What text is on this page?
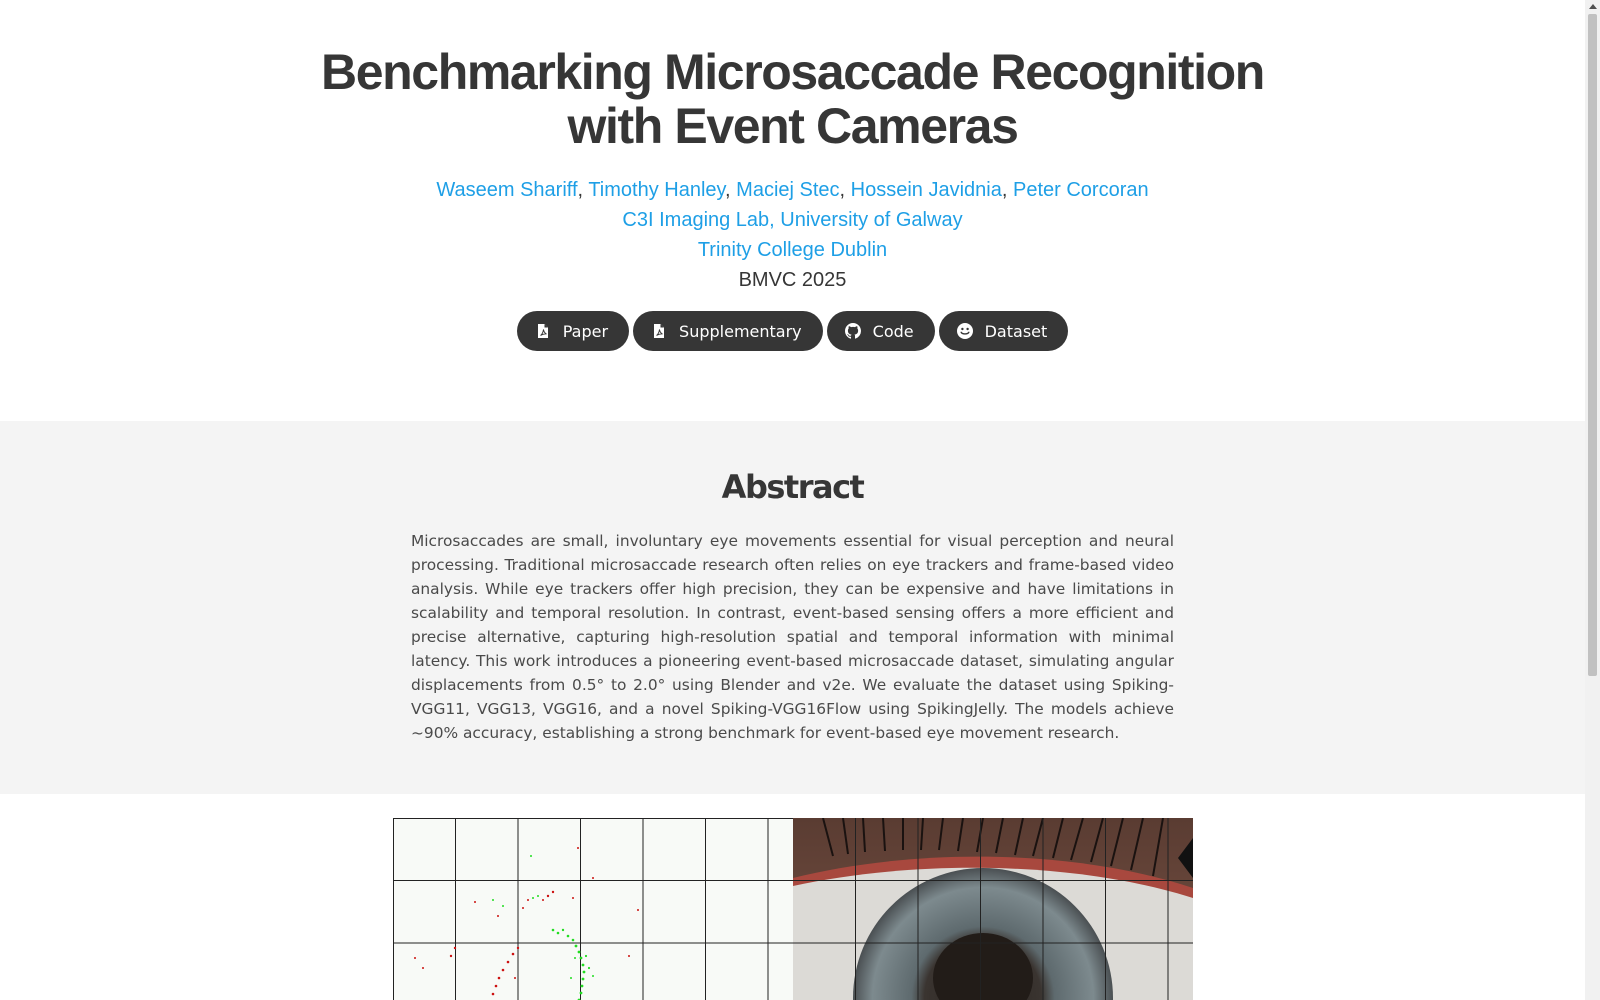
Benchmarking Microsaccade Recognition
with Event Cameras
Waseem Shariff, Timothy Hanley, Maciej Stec, Hossein Javidnia, Peter Corcoran
C3I Imaging Lab, University of Galway
Trinity College Dublin
BMVC 2025
Paper	Supplementary	Code	Dataset
Abstract

Microsaccades are small, involuntary eye movements essential for visual perception and neural processing. Traditional microsaccade research often relies on eye trackers and frame-based video analysis. While eye trackers offer high precision, they can be expensive and have limitations in scalability and temporal resolution. In contrast, event-based sensing offers a more efficient and precise alternative, capturing high-resolution spatial and temporal information with minimal latency. This work introduces a pioneering event-based microsaccade dataset, simulating angular displacements from 0.5° to 2.0° using Blender and v2e. We evaluate the dataset using Spiking-VGG11, VGG13, VGG16, and a novel Spiking-VGG16Flow using SpikingJelly. The models achieve ~90% accuracy, establishing a strong benchmark for event-based eye movement research.
